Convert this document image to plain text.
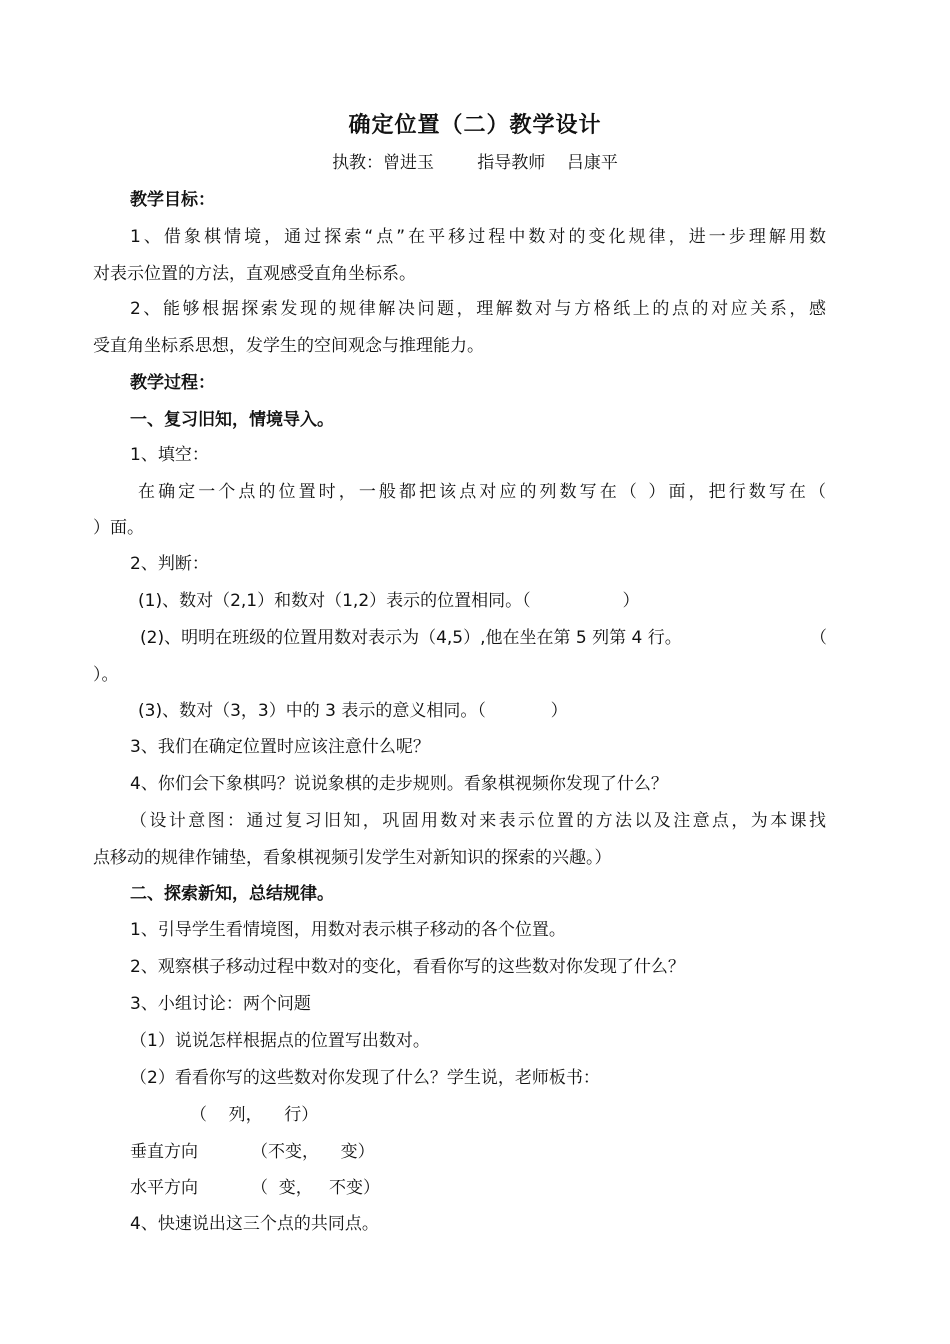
确定位置（二）教学设计
执教：曾进玉        指导教师    吕康平
教学目标：
1、借象棋情境，通过探索“点”在平移过程中数对的变化规律，进一步理解用数
对表示位置的方法，直观感受直角坐标系。
2、能够根据探索发现的规律解决问题，理解数对与方格纸上的点的对应关系，感
受直角坐标系思想，发学生的空间观念与推理能力。
教学过程：
一、复习旧知，情境导入。
1、填空：
在确定一个点的位置时，一般都把该点对应的列数写在（ ）面，把行数写在（
）面。
2、判断：
(1)、数对（2,1）和数对（1,2）表示的位置相同。（                 ）
(2)、明明在班级的位置用数对表示为（4,5）,他在坐在第 5 列第 4 行。	（
）。
(3)、数对（3，3）中的 3 表示的意义相同。（            ）
3、我们在确定位置时应该注意什么呢？
4、你们会下象棋吗？说说象棋的走步规则。看象棋视频你发现了什么？
（设计意图：通过复习旧知，巩固用数对来表示位置的方法以及注意点，为本课找
点移动的规律作铺垫，看象棋视频引发学生对新知识的探索的兴趣。）
二、探索新知，总结规律。
1、引导学生看情境图，用数对表示棋子移动的各个位置。
2、观察棋子移动过程中数对的变化，看看你写的这些数对你发现了什么？
3、小组讨论：两个问题
（1）说说怎样根据点的位置写出数对。
（2）看看你写的这些数对你发现了什么？学生说，老师板书：
（    列，    行）
垂直方向	（不变，    变）
水平方向	（  变，   不变）
4、快速说出这三个点的共同点。
